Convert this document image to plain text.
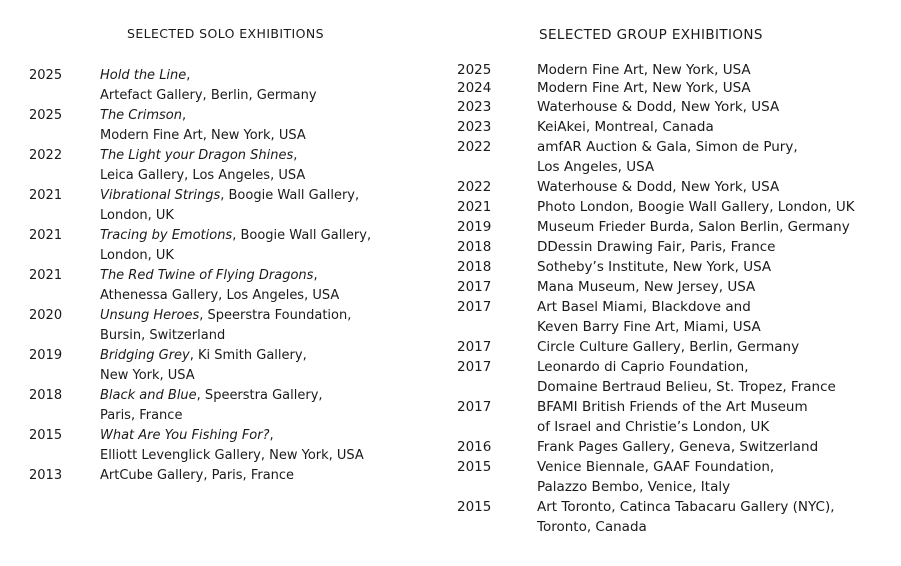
SELECTED SOLO EXHIBITIONS
2025	Hold the Line,
Artefact Gallery, Berlin, Germany
2025	The Crimson,
Modern Fine Art, New York, USA
2022	The Light your Dragon Shines,
Leica Gallery, Los Angeles, USA
2021	Vibrational Strings, Boogie Wall Gallery,
London, UK
2021	Tracing by Emotions, Boogie Wall Gallery,
London, UK
2021	The Red Twine of Flying Dragons,
Athenessa Gallery, Los Angeles, USA
2020	Unsung Heroes, Speerstra Foundation,
Bursin, Switzerland
2019	Bridging Grey, Ki Smith Gallery,
New York, USA
2018	Black and Blue, Speerstra Gallery,
Paris, France
2015	What Are You Fishing For?,
Elliott Levenglick Gallery, New York, USA
2013	ArtCube Gallery, Paris, France
SELECTED GROUP EXHIBITIONS
2025	Modern Fine Art, New York, USA
2024	Modern Fine Art, New York, USA
2023	Waterhouse & Dodd, New York, USA
2023	KeiAkei, Montreal, Canada
2022	amfAR Auction & Gala, Simon de Pury,
Los Angeles, USA
2022	Waterhouse & Dodd, New York, USA
2021	Photo London, Boogie Wall Gallery, London, UK
2019	Museum Frieder Burda, Salon Berlin, Germany
2018	DDessin Drawing Fair, Paris, France
2018	Sotheby’s Institute, New York, USA
2017	Mana Museum, New Jersey, USA
2017	Art Basel Miami, Blackdove and
Keven Barry Fine Art, Miami, USA
2017	Circle Culture Gallery, Berlin, Germany
2017	Leonardo di Caprio Foundation,
Domaine Bertraud Belieu, St. Tropez, France
2017	BFAMI British Friends of the Art Museum
of Israel and Christie’s London, UK
2016	Frank Pages Gallery, Geneva, Switzerland
2015	Venice Biennale, GAAF Foundation,
Palazzo Bembo, Venice, Italy
2015	Art Toronto, Catinca Tabacaru Gallery (NYC),
Toronto, Canada
